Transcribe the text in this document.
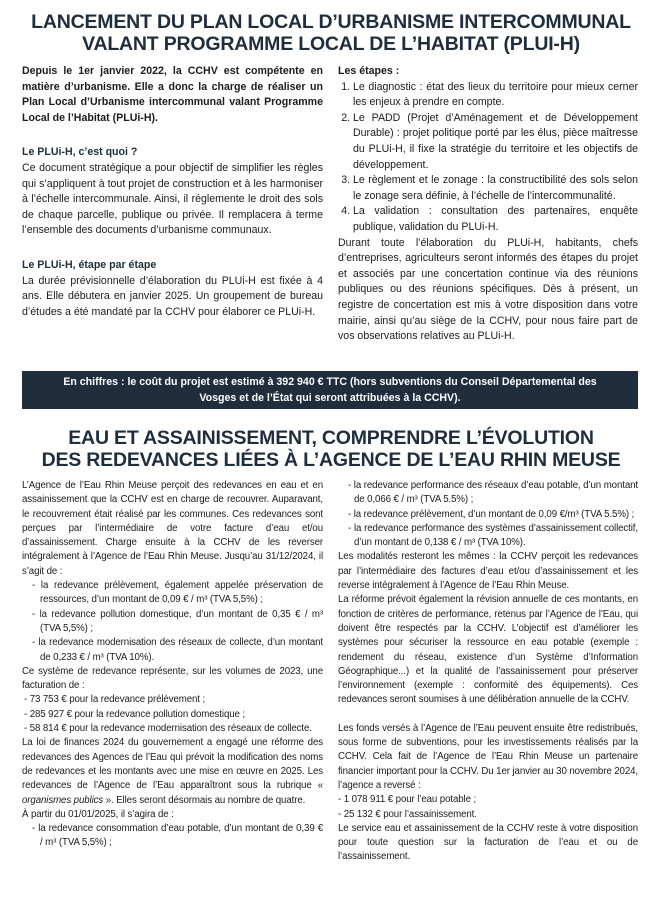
LANCEMENT DU PLAN LOCAL D’URBANISME INTERCOMMUNAL
VALANT PROGRAMME LOCAL DE L’HABITAT (PLUI-H)

Depuis le 1er janvier 2022, la CCHV est compétente en matière d’urbanisme. Elle a donc la charge de réaliser un Plan Local d’Urbanisme intercommunal valant Programme Local de l’Habitat (PLUi-H).

Le PLUi-H, c’est quoi ?

Ce document stratégique a pour objectif de simplifier les règles qui s’appliquent à tout projet de construction et à les harmoniser à l’échelle intercommunale. Ainsi, il réglemente le droit des sols de chaque parcelle, publique ou privée. Il remplacera à terme l’ensemble des documents d’urbanisme communaux.

Le PLUi-H, étape par étape

La durée prévisionnelle d’élaboration du PLUi-H est fixée à 4 ans. Elle débutera en janvier 2025. Un groupement de bureau d’études a été mandaté par la CCHV pour élaborer ce PLUi-H.

Les étapes :

1. Le diagnostic : état des lieux du territoire pour mieux cerner les enjeux à prendre en compte.
2. Le PADD (Projet d’Aménagement et de Développement Durable) : projet politique porté par les élus, pièce maîtresse du PLUi-H, il fixe la stratégie du territoire et les objectifs de développement.
3. Le règlement et le zonage : la constructibilité des sols selon le zonage sera définie, à l’échelle de l’intercommunalité.
4. La validation : consultation des partenaires, enquête publique, validation du PLUi-H.

Durant toute l’élaboration du PLUi-H, habitants, chefs d’entreprises, agriculteurs seront informés des étapes du projet et associés par une concertation continue via des réunions publiques ou des réunions spécifiques. Dès à présent, un registre de concertation est mis à votre disposition dans votre mairie, ainsi qu’au siège de la CCHV, pour nous faire part de vos observations relatives au PLUi-H.

En chiffres : le coût du projet est estimé à 392 940 € TTC (hors subventions du Conseil Départemental des Vosges et de l’État qui seront attribuées à la CCHV).
EAU ET ASSAINISSEMENT, COMPRENDRE L’ÉVOLUTION
DES REDEVANCES LIÉES À L’AGENCE DE L’EAU RHIN MEUSE

L’Agence de l’Eau Rhin Meuse perçoit des redevances en eau et en assainissement que la CCHV est en charge de recouvrer. Auparavant, le recouvrement était réalisé par les communes. Ces redevances sont perçues par l’intermédiaire de votre facture d’eau et/ou d’assainissement. Charge ensuite à la CCHV de les reverser intégralement à l’Agence de l’Eau Rhin Meuse. Jusqu’au 31/12/2024, il s’agit de :

- la redevance prélèvement, également appelée préservation de ressources, d’un montant de 0,09 € / m³ (TVA 5,5%) ;

- la redevance pollution domestique, d’un montant de 0,35 € / m³ (TVA 5,5%) ;

- la redevance modernisation des réseaux de collecte, d’un montant de 0,233 € / m³ (TVA 10%).

Ce système de redevance représente, sur les volumes de 2023, une facturation de :

- 73 753 € pour la redevance prélèvement ;

- 285 927 € pour la redevance pollution domestique ;

- 58 814 € pour la redevance modernisation des réseaux de collecte.

La loi de finances 2024 du gouvernement a engagé une réforme des redevances des Agences de l’Eau qui prévoit la modification des noms de redevances et les montants avec une mise en œuvre en 2025. Les redevances de l’Agence de l’Eau apparaîtront sous la rubrique « organismes publics ». Elles seront désormais au nombre de quatre.

À partir du 01/01/2025, il s’agira de :

- la redevance consommation d’eau potable, d’un montant de 0,39 € / m³ (TVA 5,5%) ;

- la redevance performance des réseaux d’eau potable, d’un montant de 0,066 € / m³ (TVA 5.5%) ;

- la redevance prélèvement, d’un montant de 0,09 €/m³ (TVA 5.5%) ;

- la redevance performance des systèmes d’assainissement collectif, d’un montant de 0,138 € / m³ (TVA 10%).

Les modalités resteront les mêmes : la CCHV perçoit les redevances par l’intermédiaire des factures d’eau et/ou d’assainissement et les reverse intégralement à l’Agence de l’Eau Rhin Meuse.

La réforme prévoit également la révision annuelle de ces montants, en fonction de critères de performance, retenus par l’Agence de l’Eau, qui doivent être respectés par la CCHV. L’objectif est d’améliorer les systèmes pour sécuriser la ressource en eau potable (exemple : rendement du réseau, existence d’un Système d’Information Géographique...) et la qualité de l’assainissement pour préserver l’environnement (exemple : conformité des équipements). Ces redevances seront soumises à une délibération annuelle de la CCHV.

Les fonds versés à l’Agence de l’Eau peuvent ensuite être redistribués, sous forme de subventions, pour les investissements réalisés par la CCHV. Cela fait de l’Agence de l’Eau Rhin Meuse un partenaire financier important pour la CCHV. Du 1er janvier au 30 novembre 2024, l’agence a reversé :

- 1 078 911 € pour l’eau potable ;

- 25 132 € pour l’assainissement.

Le service eau et assainissement de la CCHV reste à votre disposition pour toute question sur la facturation de l’eau et ou de l’assainissement.
